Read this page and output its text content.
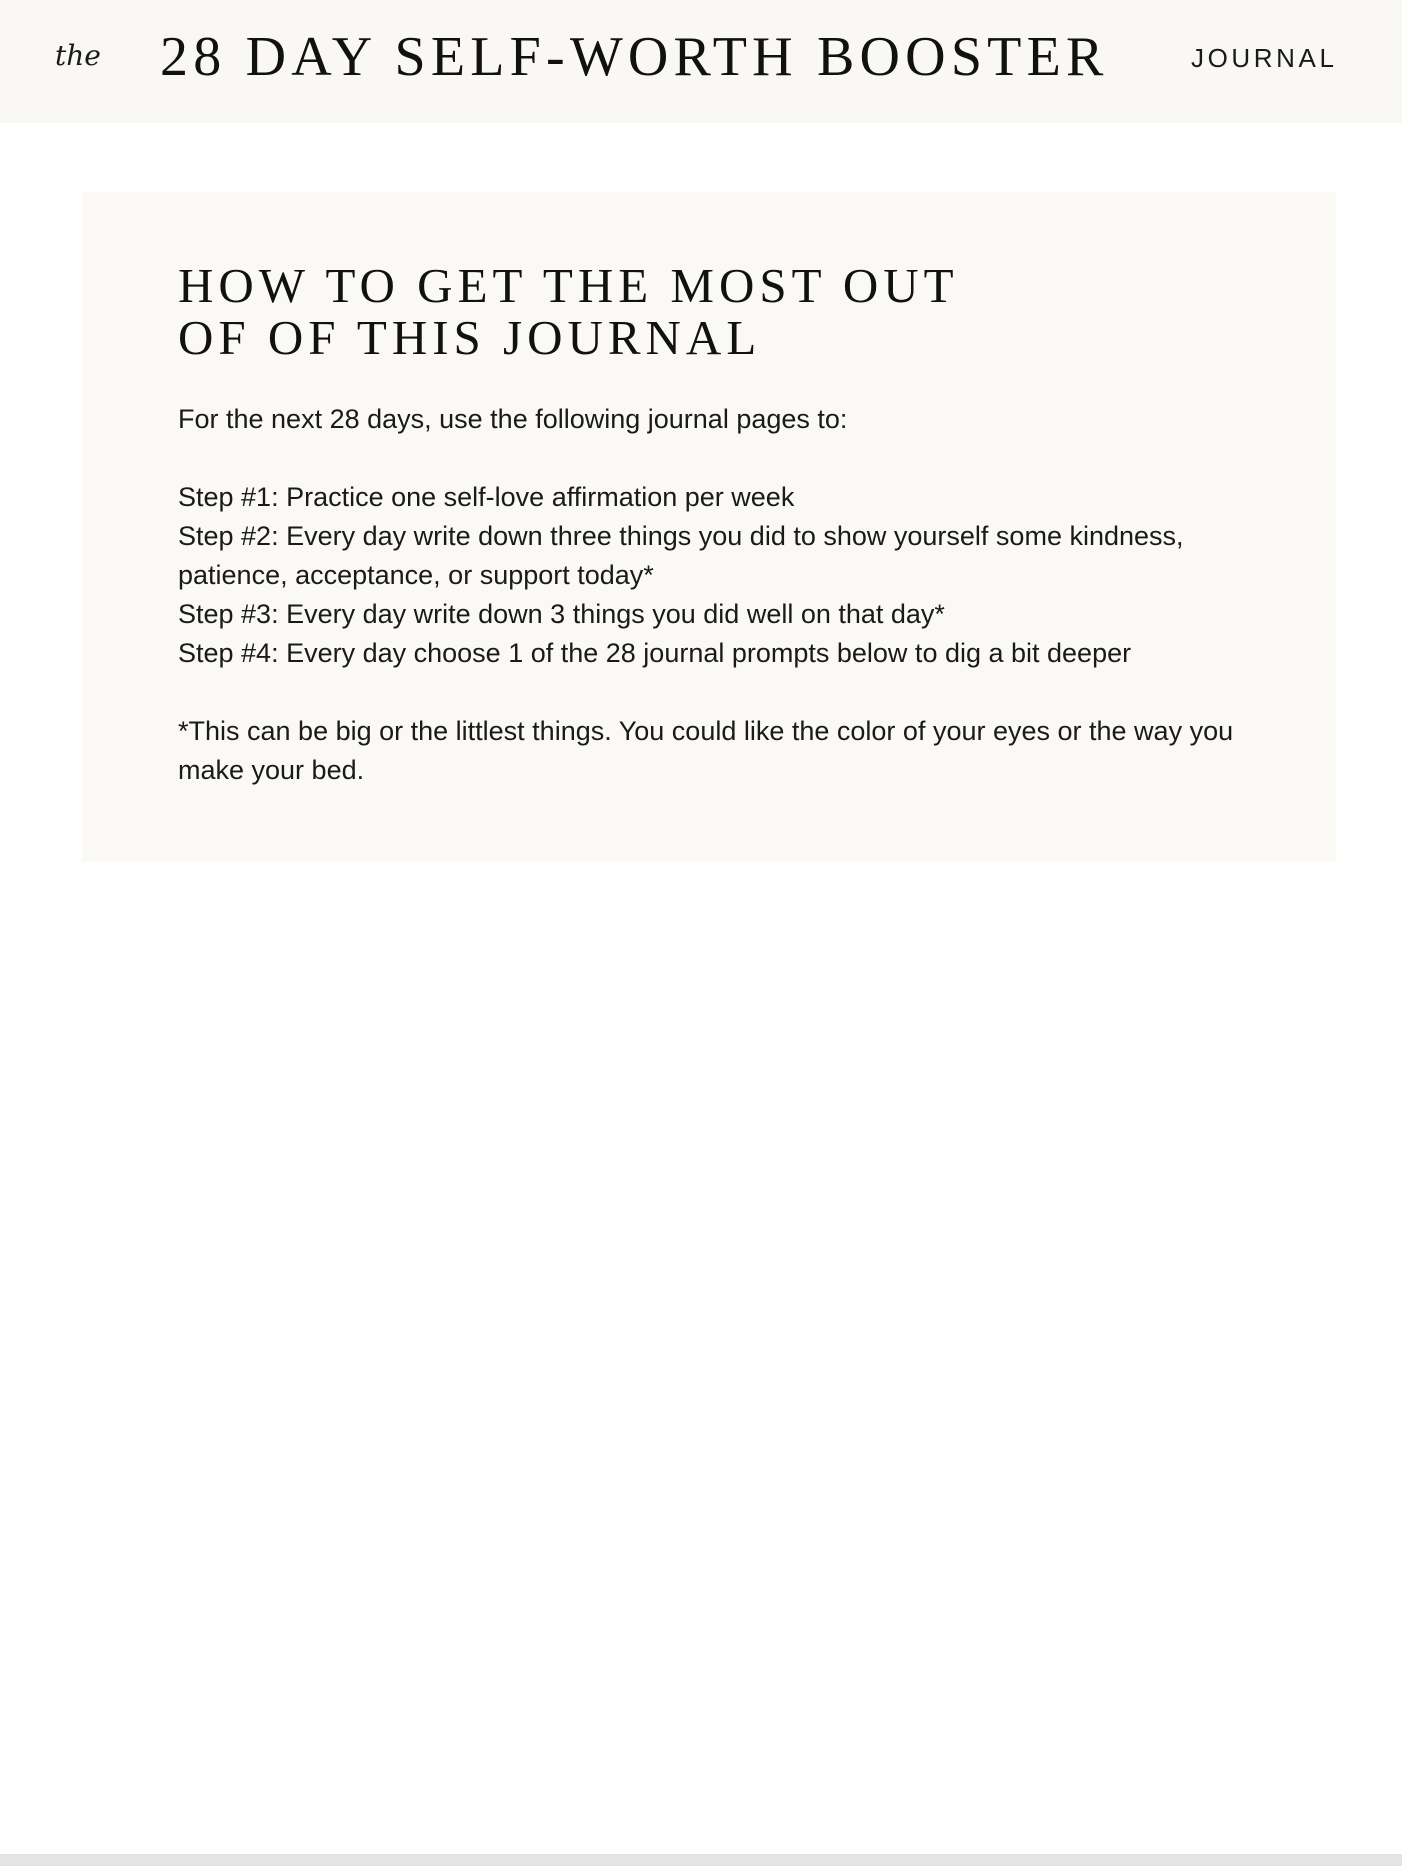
the 28 DAY SELF-WORTH BOOSTER	JOURNAL
HOW TO GET THE MOST OUT
OF OF THIS JOURNAL

For the next 28 days, use the following journal pages to:

Step #1: Practice one self-love affirmation per week

Step #2: Every day write down three things you did to show yourself some kindness, patience, acceptance, or support today*

Step #3: Every day write down 3 things you did well on that day*

Step #4: Every day choose 1 of the 28 journal prompts below to dig a bit deeper

*This can be big or the littlest things. You could like the color of your eyes or the way you make your bed.
